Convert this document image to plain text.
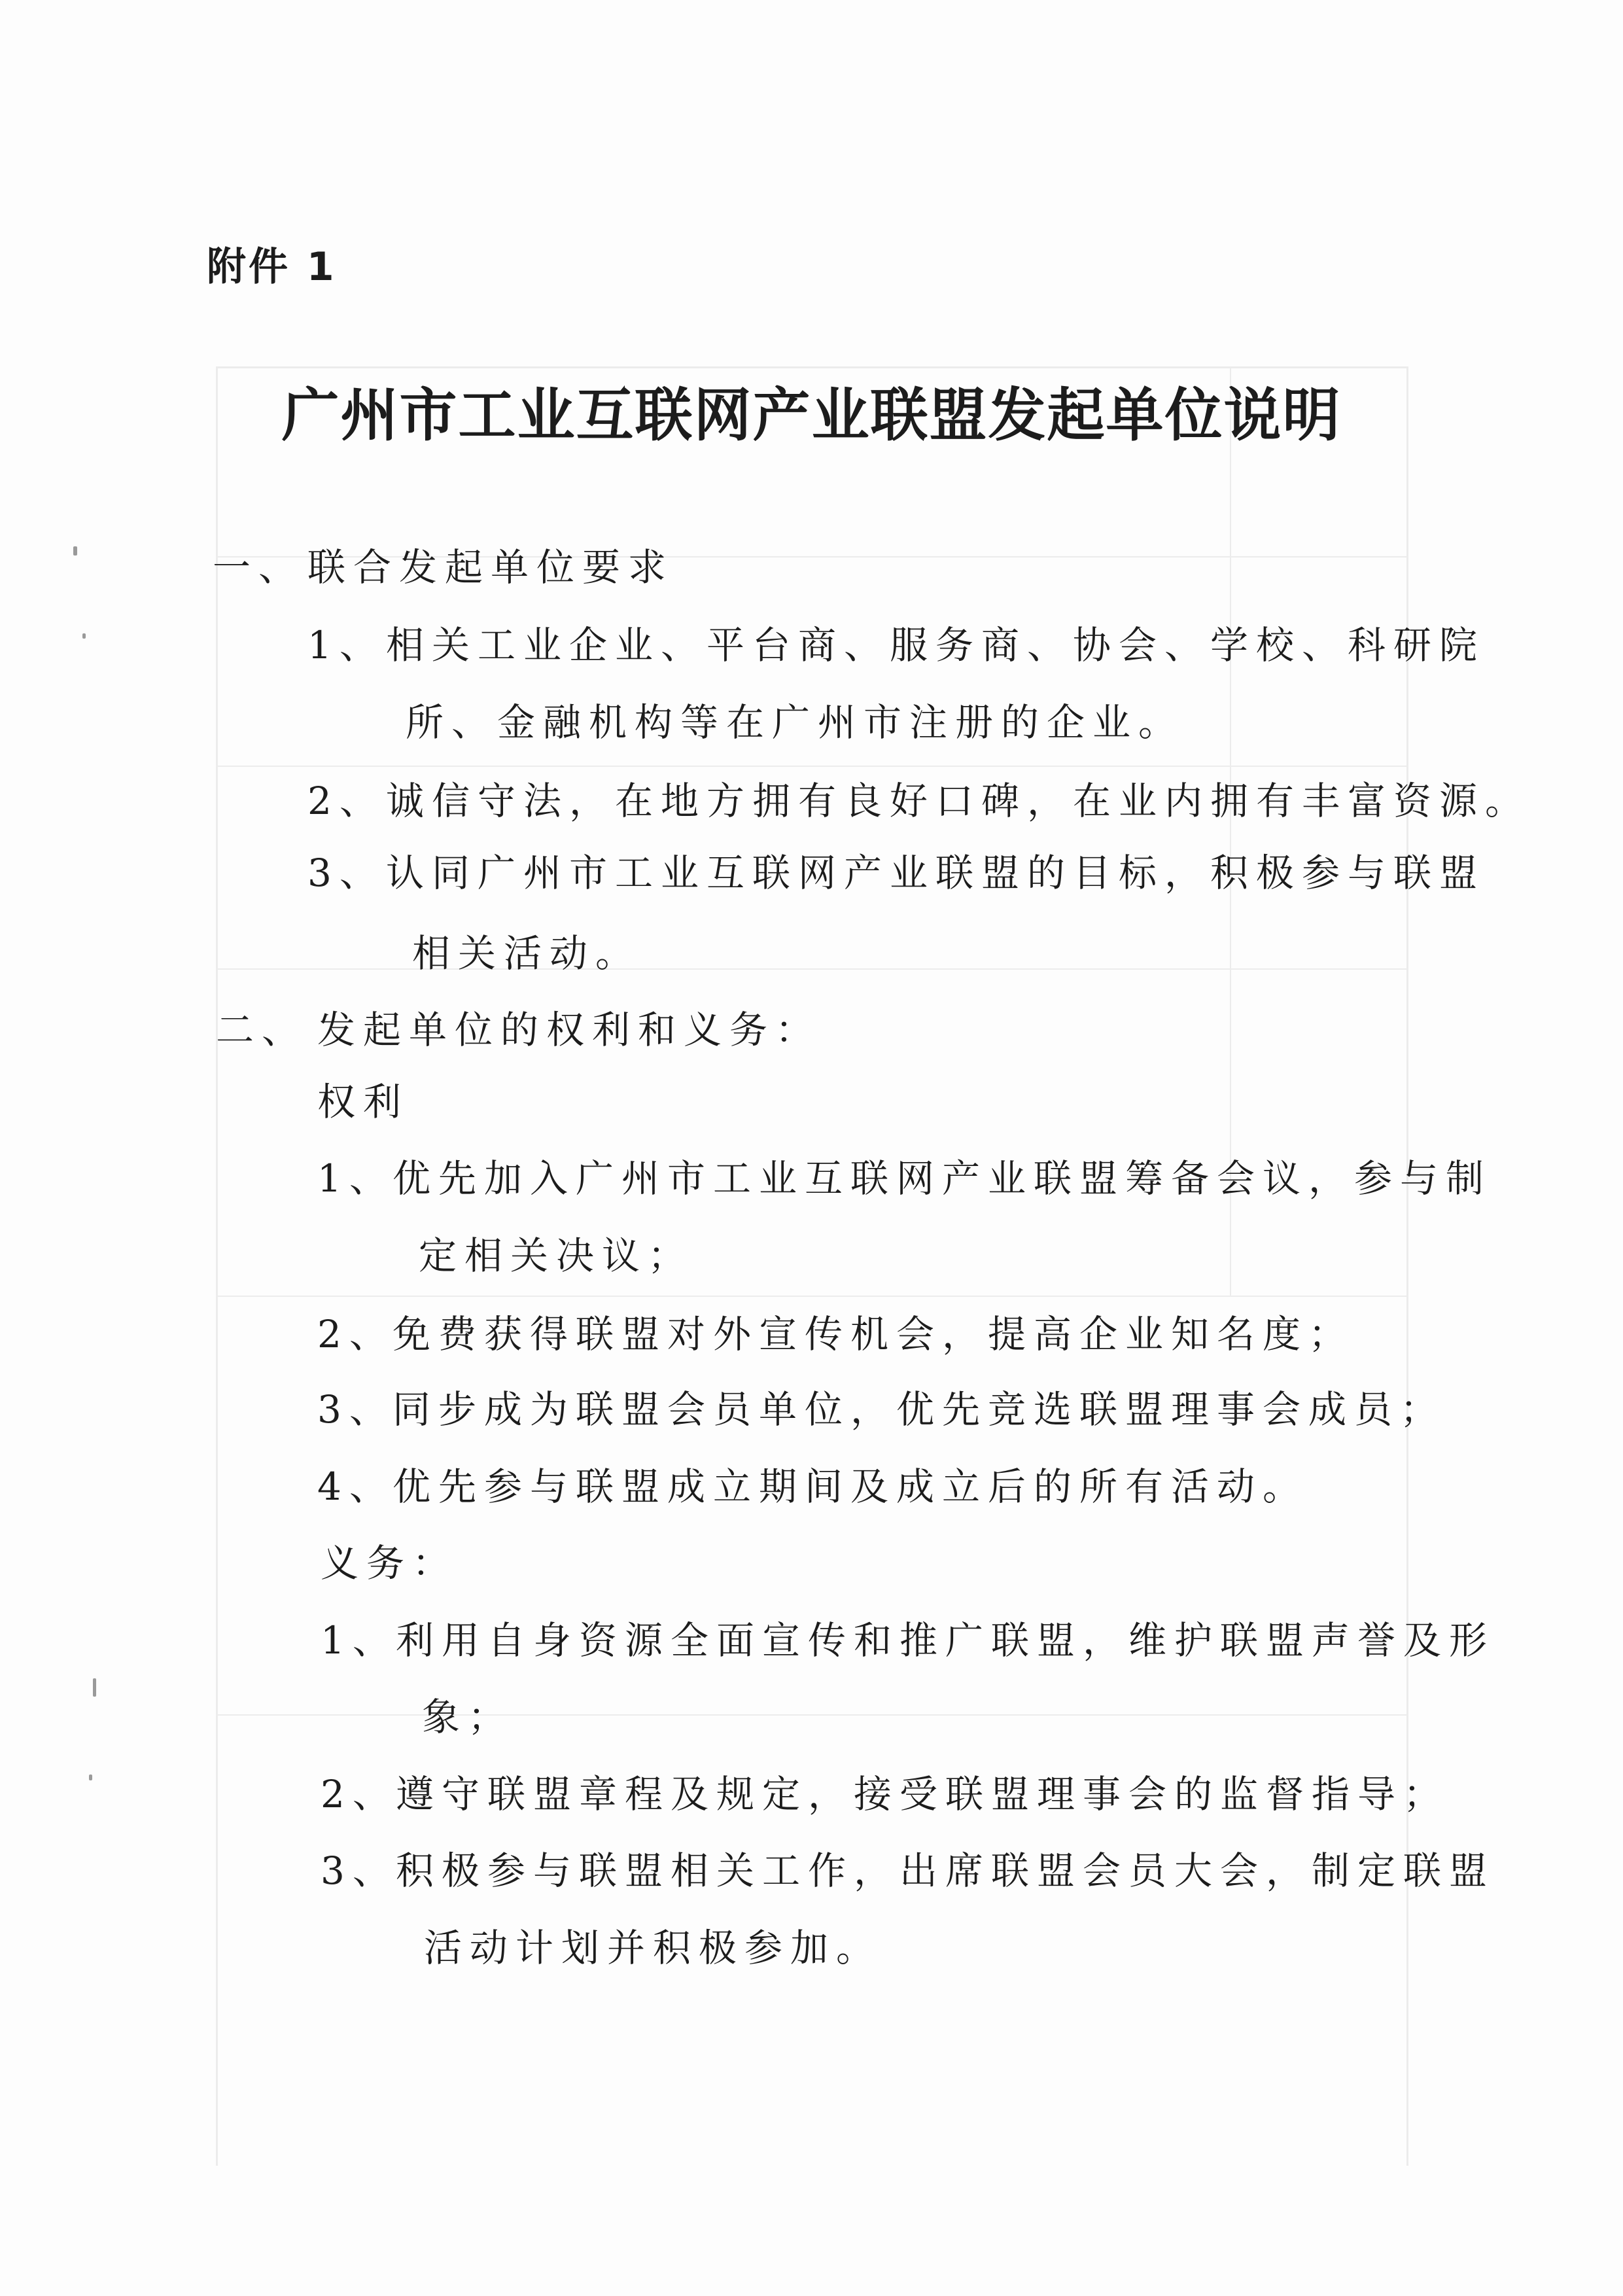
附件 1
广州市工业互联网产业联盟发起单位说明
一、联合发起单位要求
1、相关工业企业、平台商、服务商、协会、学校、科研院
所、金融机构等在广州市注册的企业。
2、诚信守法，在地方拥有良好口碑，在业内拥有丰富资源。
3、认同广州市工业互联网产业联盟的目标，积极参与联盟
相关活动。
二、 发起单位的权利和义务：
权利
1、优先加入广州市工业互联网产业联盟筹备会议，参与制
定相关决议；
2、免费获得联盟对外宣传机会，提高企业知名度；
3、同步成为联盟会员单位，优先竞选联盟理事会成员；
4、优先参与联盟成立期间及成立后的所有活动。
义务：
1、利用自身资源全面宣传和推广联盟，维护联盟声誉及形
象；
2、遵守联盟章程及规定，接受联盟理事会的监督指导；
3、积极参与联盟相关工作，出席联盟会员大会，制定联盟
活动计划并积极参加。
